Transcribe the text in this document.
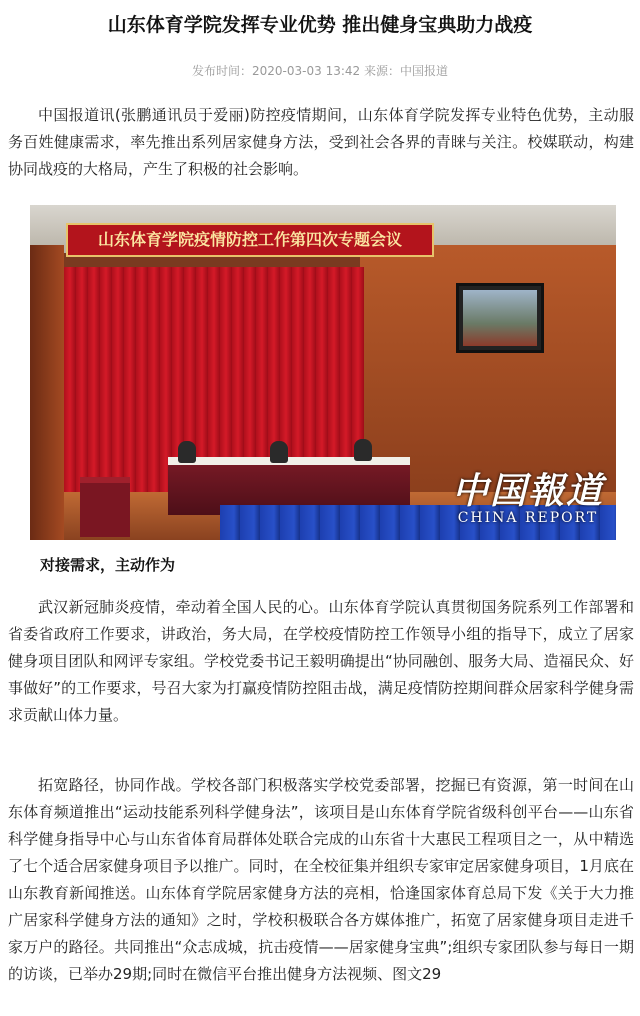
山东体育学院发挥专业优势 推出健身宝典助力战疫
发布时间：2020-03-03 13:42 来源：中国报道

中国报道讯(张鹏通讯员于爱丽)防控疫情期间，山东体育学院发挥专业特色优势，主动服务百姓健康需求，率先推出系列居家健身方法，受到社会各界的青睐与关注。校媒联动，构建协同战疫的大格局，产生了积极的社会影响。

山东体育学院疫情防控工作第四次专题会议
中国報道
CHINA REPORT

对接需求，主动作为

武汉新冠肺炎疫情，牵动着全国人民的心。山东体育学院认真贯彻国务院系列工作部署和省委省政府工作要求，讲政治，务大局，在学校疫情防控工作领导小组的指导下，成立了居家健身项目团队和网评专家组。学校党委书记王毅明确提出“协同融创、服务大局、造福民众、好事做好”的工作要求，号召大家为打赢疫情防控阻击战，满足疫情防控期间群众居家科学健身需求贡献山体力量。

拓宽路径，协同作战。学校各部门积极落实学校党委部署，挖掘已有资源，第一时间在山东体育频道推出“运动技能系列科学健身法”，该项目是山东体育学院省级科创平台——山东省科学健身指导中心与山东省体育局群体处联合完成的山东省十大惠民工程项目之一，从中精选了七个适合居家健身项目予以推广。同时，在全校征集并组织专家审定居家健身项目，1月底在山东教育新闻推送。山东体育学院居家健身方法的亮相，恰逢国家体育总局下发《关于大力推广居家科学健身方法的通知》之时，学校积极联合各方媒体推广，拓宽了居家健身项目走进千家万户的路径。共同推出“众志成城，抗击疫情——居家健身宝典”;组织专家团队参与每日一期的访谈，已举办29期;同时在微信平台推出健身方法视频、图文29
